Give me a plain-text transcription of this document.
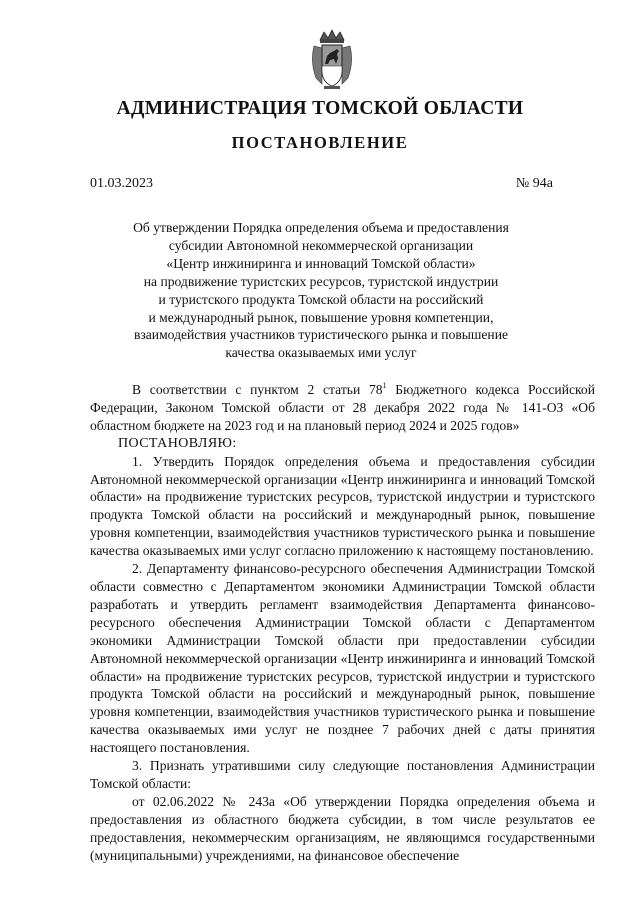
АДМИНИСТРАЦИЯ ТОМСКОЙ ОБЛАСТИ
ПОСТАНОВЛЕНИЕ
01.03.2023	№ 94а
Об утверждении Порядка определения объема и предоставления
субсидии Автономной некоммерческой организации
«Центр инжиниринга и инноваций Томской области»
на продвижение туристских ресурсов, туристской индустрии
и туристского продукта Томской области на российский
и международный рынок, повышение уровня компетенции,
взаимодействия участников туристического рынка и повышение
качества оказываемых ими услуг

В соответствии с пунктом 2 статьи $78^1$ Бюджетного кодекса Российской Федерации, Законом Томской области от 28 декабря 2022 года № 141-ОЗ «Об областном бюджете на 2023 год и на плановый период 2024 и 2025 годов»

ПОСТАНОВЛЯЮ:

1. Утвердить Порядок определения объема и предоставления субсидии Автономной некоммерческой организации «Центр инжиниринга и инноваций Томской области» на продвижение туристских ресурсов, туристской индустрии и туристского продукта Томской области на российский и международный рынок, повышение уровня компетенции, взаимодействия участников туристического рынка и повышение качества оказываемых ими услуг согласно приложению к настоящему постановлению.

2. Департаменту финансово-ресурсного обеспечения Администрации Томской области совместно с Департаментом экономики Администрации Томской области разработать и утвердить регламент взаимодействия Департамента финансово-ресурсного обеспечения Администрации Томской области с Департаментом экономики Администрации Томской области при предоставлении субсидии Автономной некоммерческой организации «Центр инжиниринга и инноваций Томской области» на продвижение туристских ресурсов, туристской индустрии и туристского продукта Томской области на российский и международный рынок, повышение уровня компетенции, взаимодействия участников туристического рынка и повышение качества оказываемых ими услуг не позднее 7 рабочих дней с даты принятия настоящего постановления.

3. Признать утратившими силу следующие постановления Администрации Томской области:

от 02.06.2022 № 243а «Об утверждении Порядка определения объема и предоставления из областного бюджета субсидии, в том числе результатов ее предоставления, некоммерческим организациям, не являющимся государственными (муниципальными) учреждениями, на финансовое обеспечение
